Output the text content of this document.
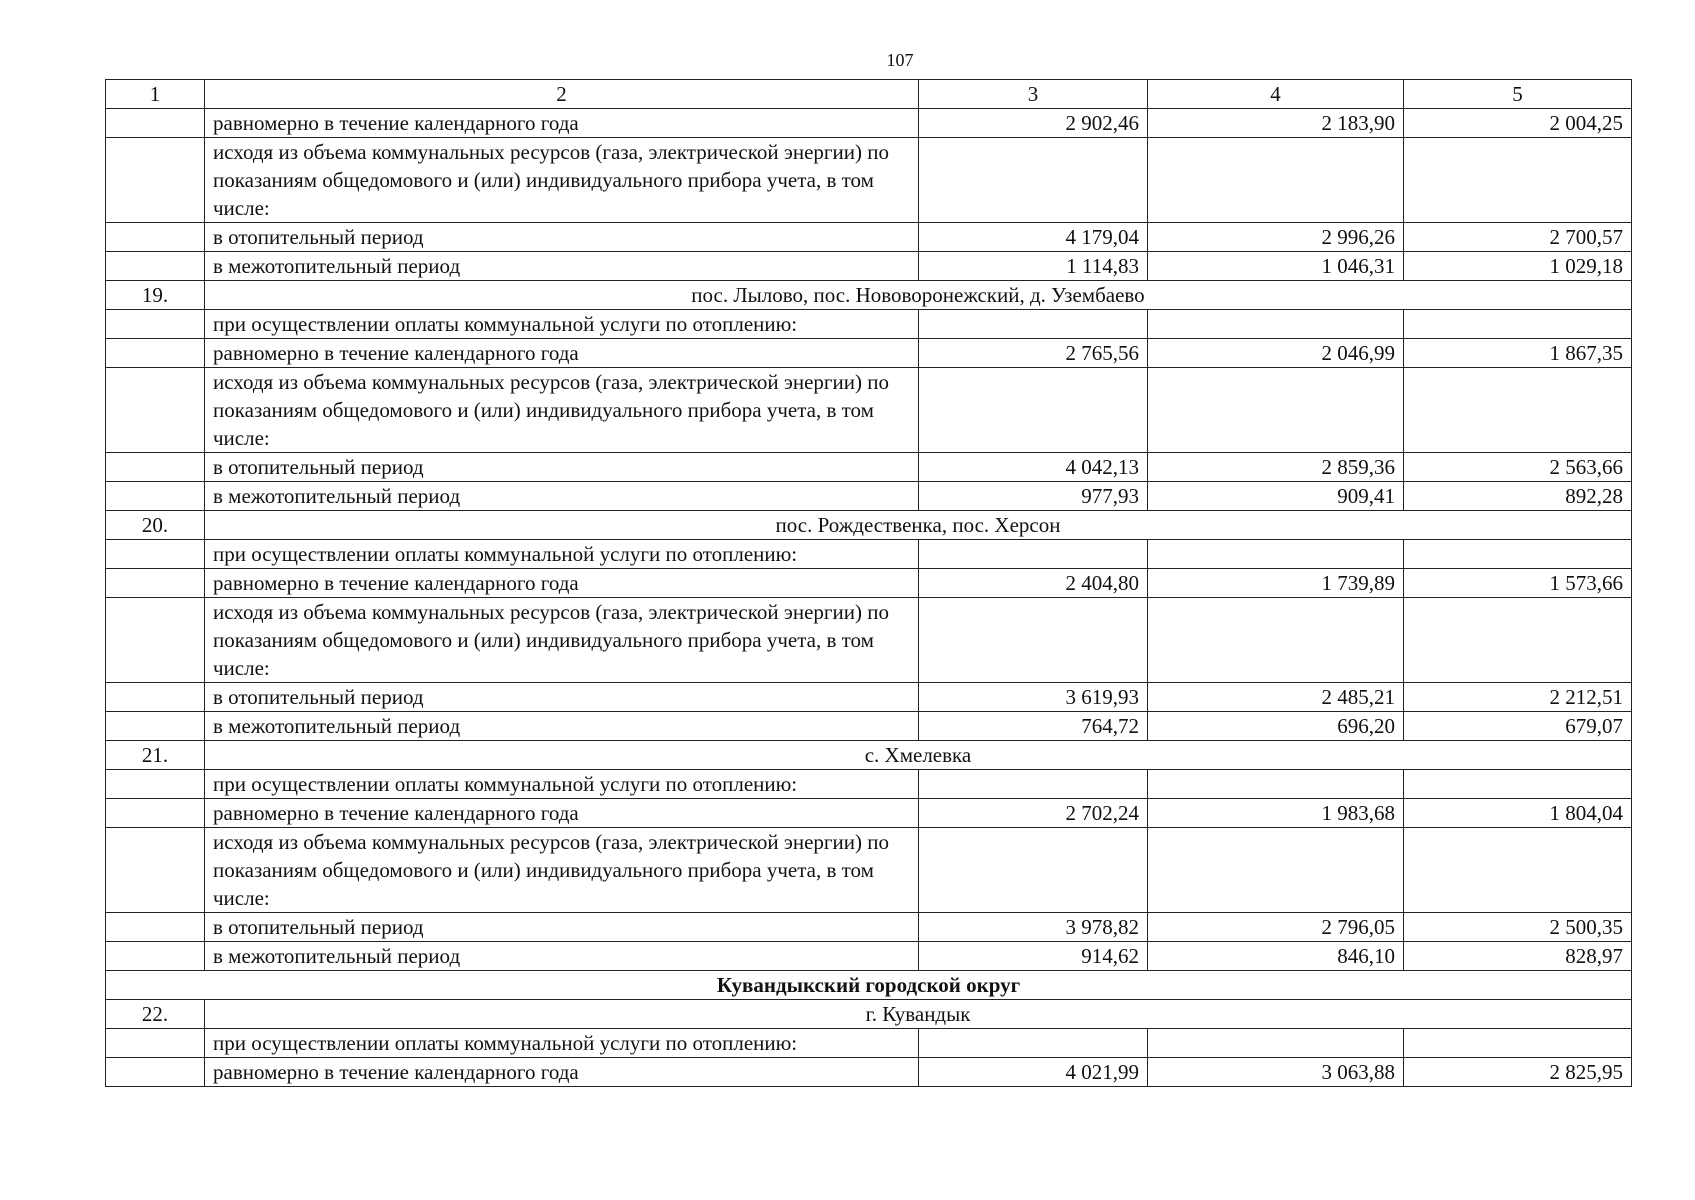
107
1	2	3	4	5
	равномерно в течение календарного года	2 902,46	2 183,90	2 004,25
	исходя из объема коммунальных ресурсов (газа, электрической энергии) по показаниям общедомового и (или) индивидуального прибора учета, в том числе:			
	в отопительный период	4 179,04	2 996,26	2 700,57
	в межотопительный период	1 114,83	1 046,31	1 029,18
19.	пос. Лылово, пос. Нововоронежский, д. Узембаево			
	при осуществлении оплаты коммунальной услуги по отоплению:			
	равномерно в течение календарного года	2 765,56	2 046,99	1 867,35
	исходя из объема коммунальных ресурсов (газа, электрической энергии) по показаниям общедомового и (или) индивидуального прибора учета, в том числе:			
	в отопительный период	4 042,13	2 859,36	2 563,66
	в межотопительный период	977,93	909,41	892,28
20.	пос. Рождественка, пос. Херсон			
	при осуществлении оплаты коммунальной услуги по отоплению:			
	равномерно в течение календарного года	2 404,80	1 739,89	1 573,66
	исходя из объема коммунальных ресурсов (газа, электрической энергии) по показаниям общедомового и (или) индивидуального прибора учета, в том числе:			
	в отопительный период	3 619,93	2 485,21	2 212,51
	в межотопительный период	764,72	696,20	679,07
21.	с. Хмелевка			
	при осуществлении оплаты коммунальной услуги по отоплению:			
	равномерно в течение календарного года	2 702,24	1 983,68	1 804,04
	исходя из объема коммунальных ресурсов (газа, электрической энергии) по показаниям общедомового и (или) индивидуального прибора учета, в том числе:			
	в отопительный период	3 978,82	2 796,05	2 500,35
	в межотопительный период	914,62	846,10	828,97
Кувандыкский городской округ				
22.	г. Кувандык			
	при осуществлении оплаты коммунальной услуги по отоплению:			
	равномерно в течение календарного года	4 021,99	3 063,88	2 825,95
